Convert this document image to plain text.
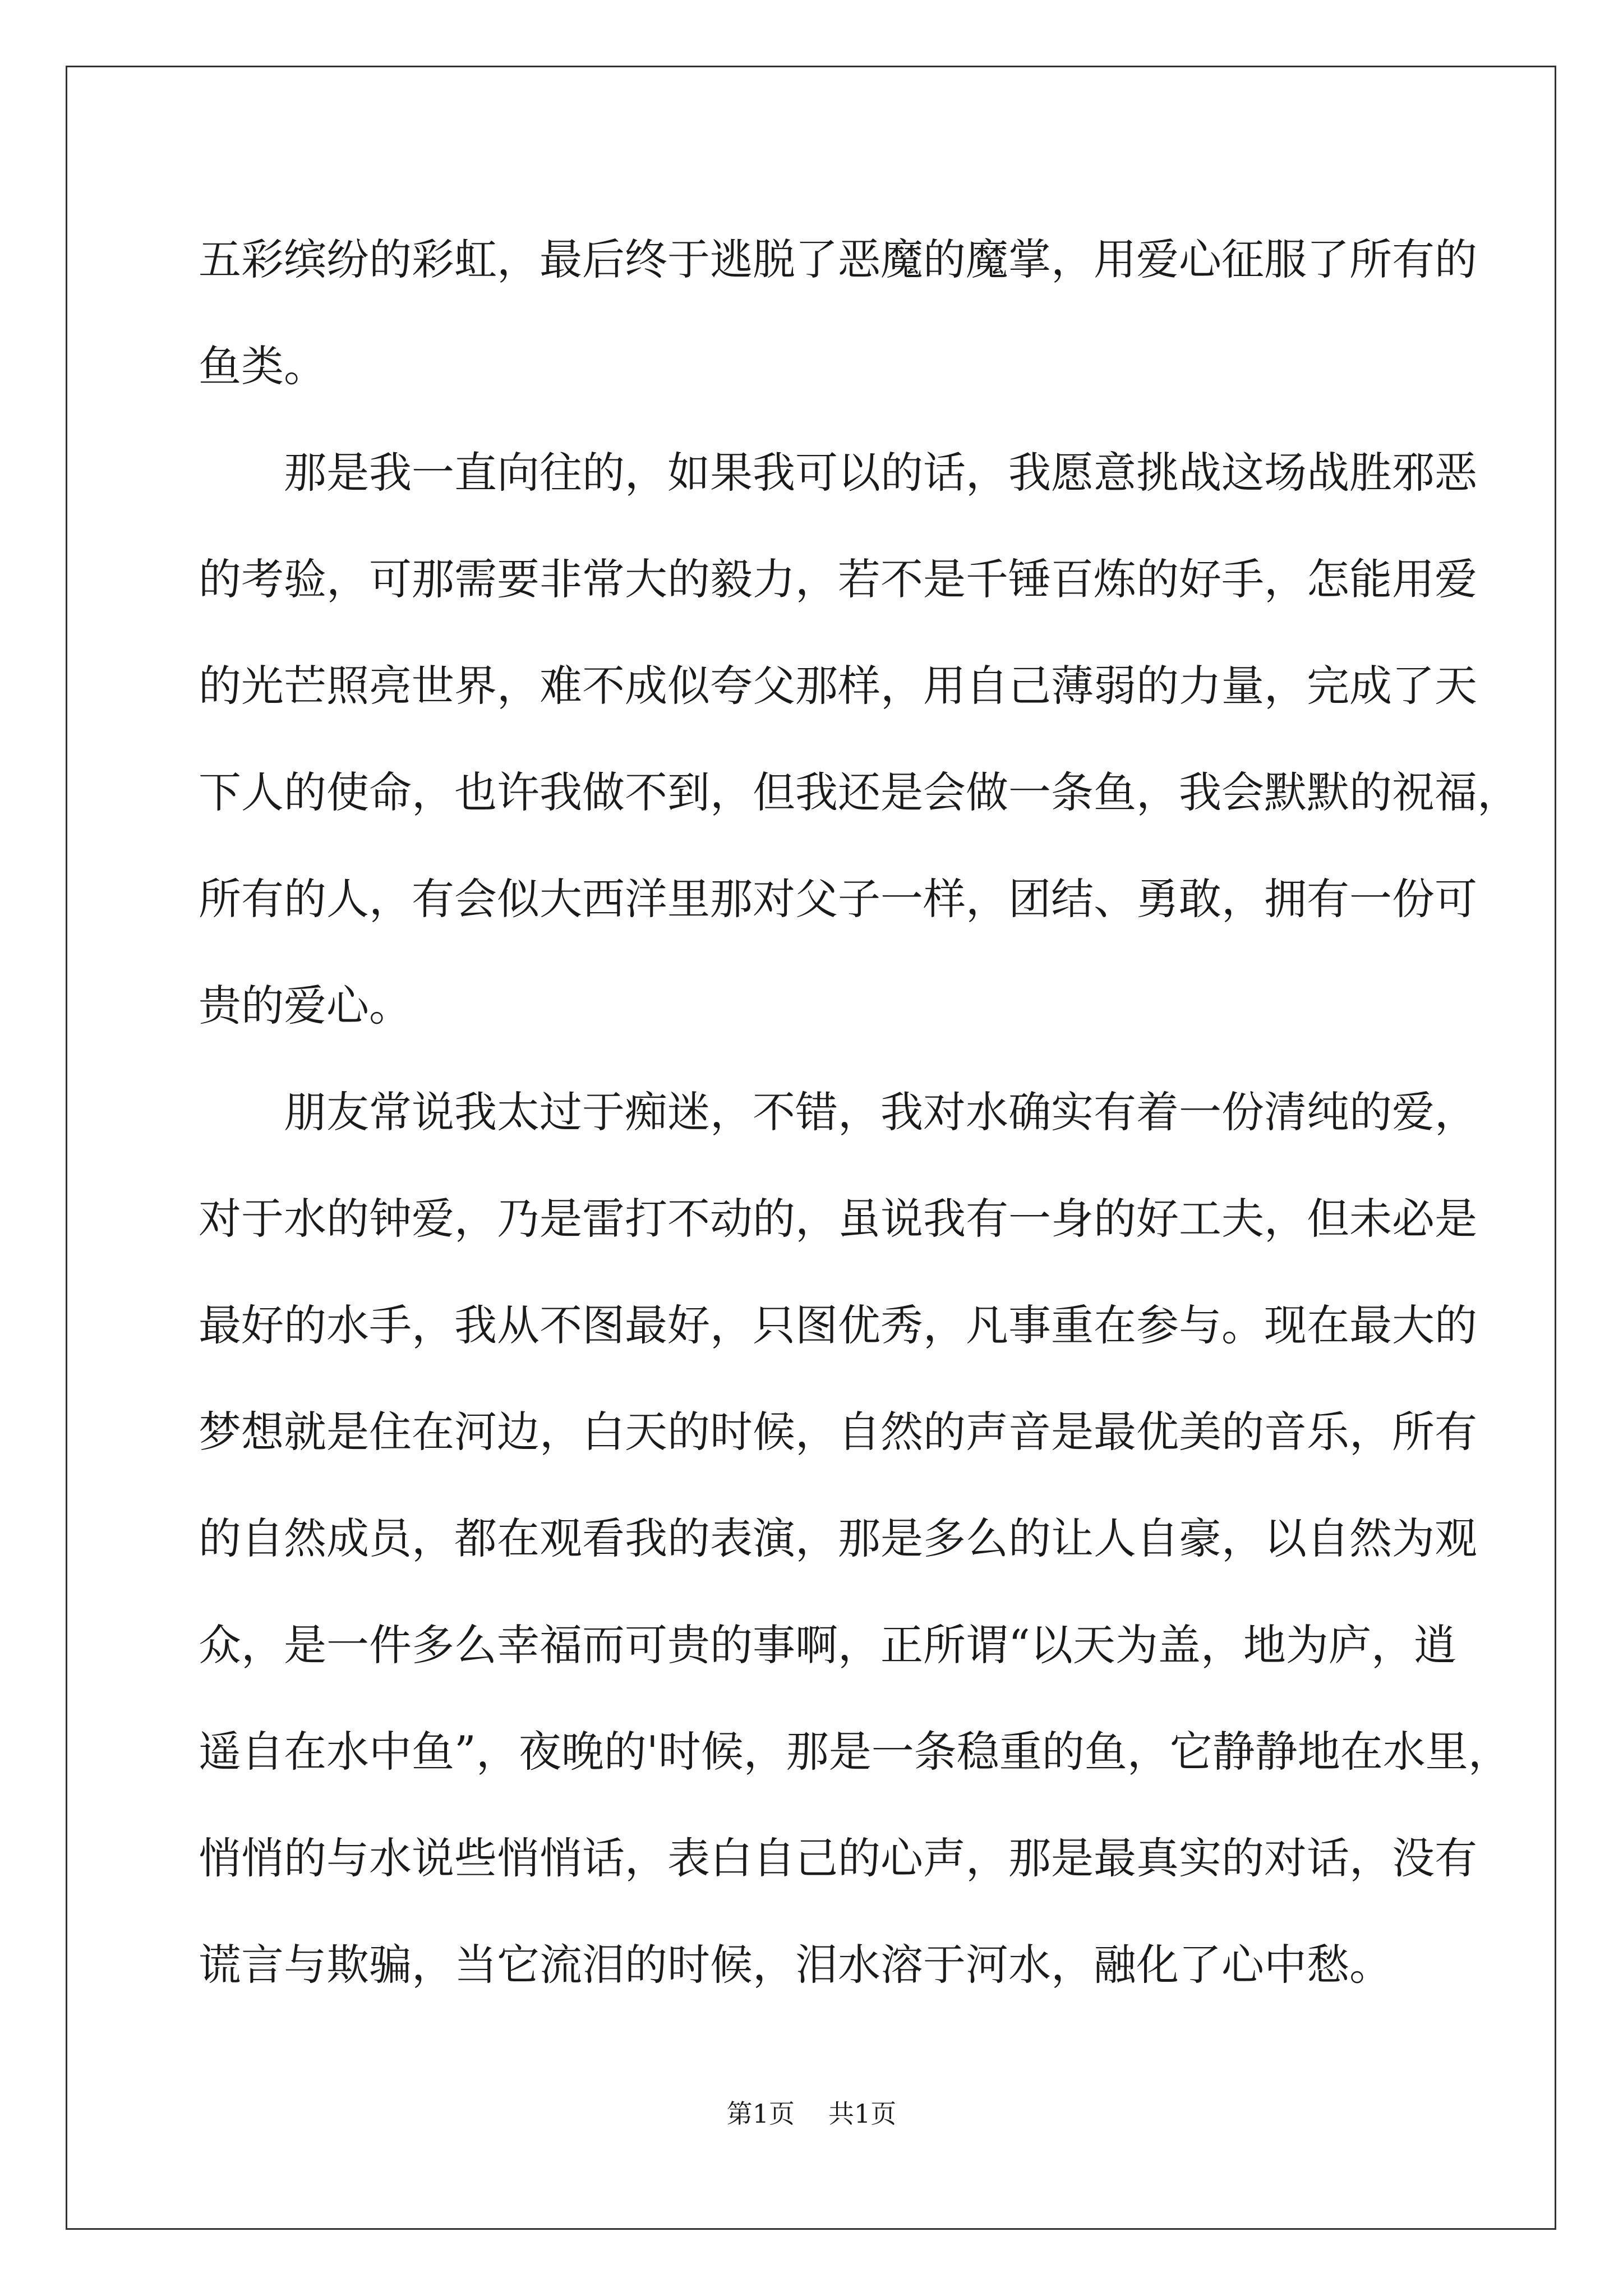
五彩缤纷的彩虹，最后终于逃脱了恶魔的魔掌，用爱心征服了所有的
鱼类。
　　那是我一直向往的，如果我可以的话，我愿意挑战这场战胜邪恶
的考验，可那需要非常大的毅力，若不是千锤百炼的好手，怎能用爱
的光芒照亮世界，难不成似夸父那样，用自己薄弱的力量，完成了天
下人的使命，也许我做不到，但我还是会做一条鱼，我会默默的祝福，
所有的人，有会似大西洋里那对父子一样，团结、勇敢，拥有一份可
贵的爱心。
　　朋友常说我太过于痴迷，不错，我对水确实有着一份清纯的爱，
对于水的钟爱，乃是雷打不动的，虽说我有一身的好工夫，但未必是
最好的水手，我从不图最好，只图优秀，凡事重在参与。现在最大的
梦想就是住在河边，白天的时候，自然的声音是最优美的音乐，所有
的自然成员，都在观看我的表演，那是多么的让人自豪，以自然为观
众，是一件多么幸福而可贵的事啊，正所谓“以天为盖，地为庐，逍
遥自在水中鱼”，夜晚的'时候，那是一条稳重的鱼，它静静地在水里，
悄悄的与水说些悄悄话，表白自己的心声，那是最真实的对话，没有
谎言与欺骗，当它流泪的时候，泪水溶于河水，融化了心中愁。
第1页 共1页
